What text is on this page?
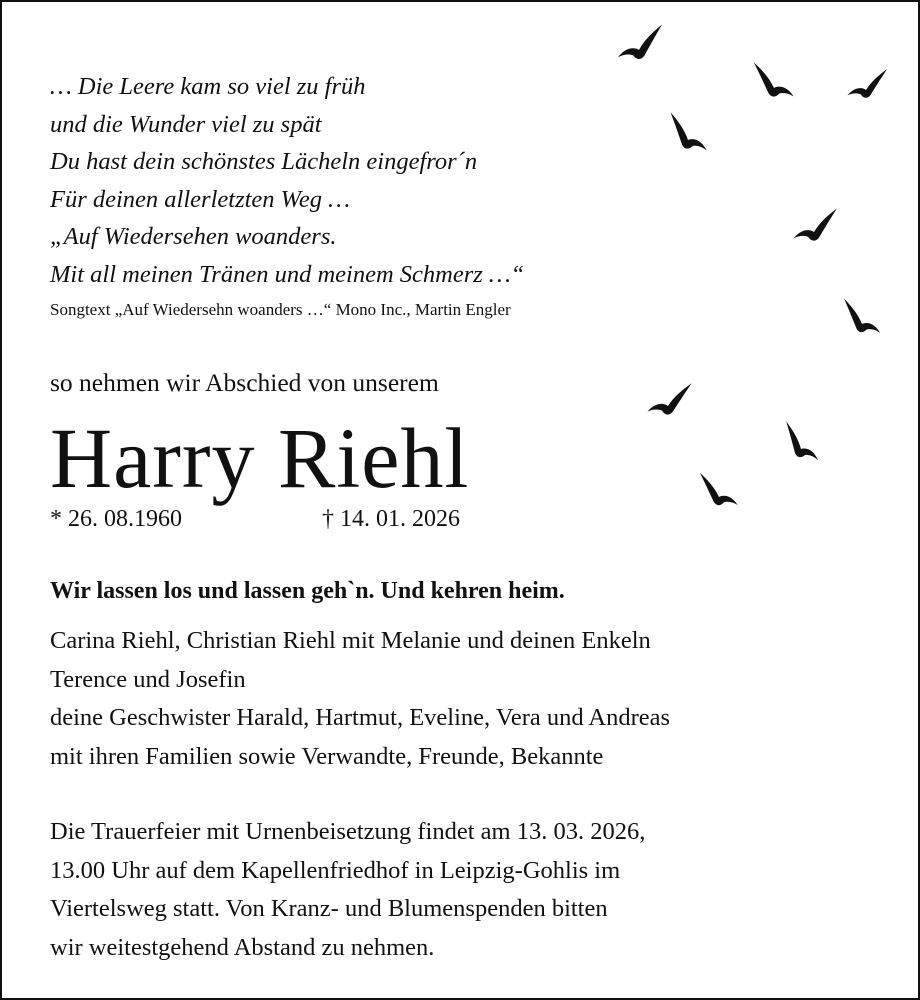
… Die Leere kam so viel zu früh
und die Wunder viel zu spät
Du hast dein schönstes Lächeln eingefror´n
Für deinen allerletzten Weg …
„Auf Wiedersehen woanders.
Mit all meinen Tränen und meinem Schmerz …“
Songtext „Auf Wiedersehn woanders …“ Mono Inc., Martin Engler
so nehmen wir Abschied von unserem
Harry Riehl
* 26. 08.1960	† 14. 01. 2026
Wir lassen los und lassen geh`n. Und kehren heim.
Carina Riehl, Christian Riehl mit Melanie und deinen Enkeln
Terence und Josefin
deine Geschwister Harald, Hartmut, Eveline, Vera und Andreas
mit ihren Familien sowie Verwandte, Freunde, Bekannte
Die Trauerfeier mit Urnenbeisetzung findet am 13. 03. 2026,
13.00 Uhr auf dem Kapellenfriedhof in Leipzig-Gohlis im
Viertelsweg statt. Von Kranz- und Blumenspenden bitten
wir weitestgehend Abstand zu nehmen.
